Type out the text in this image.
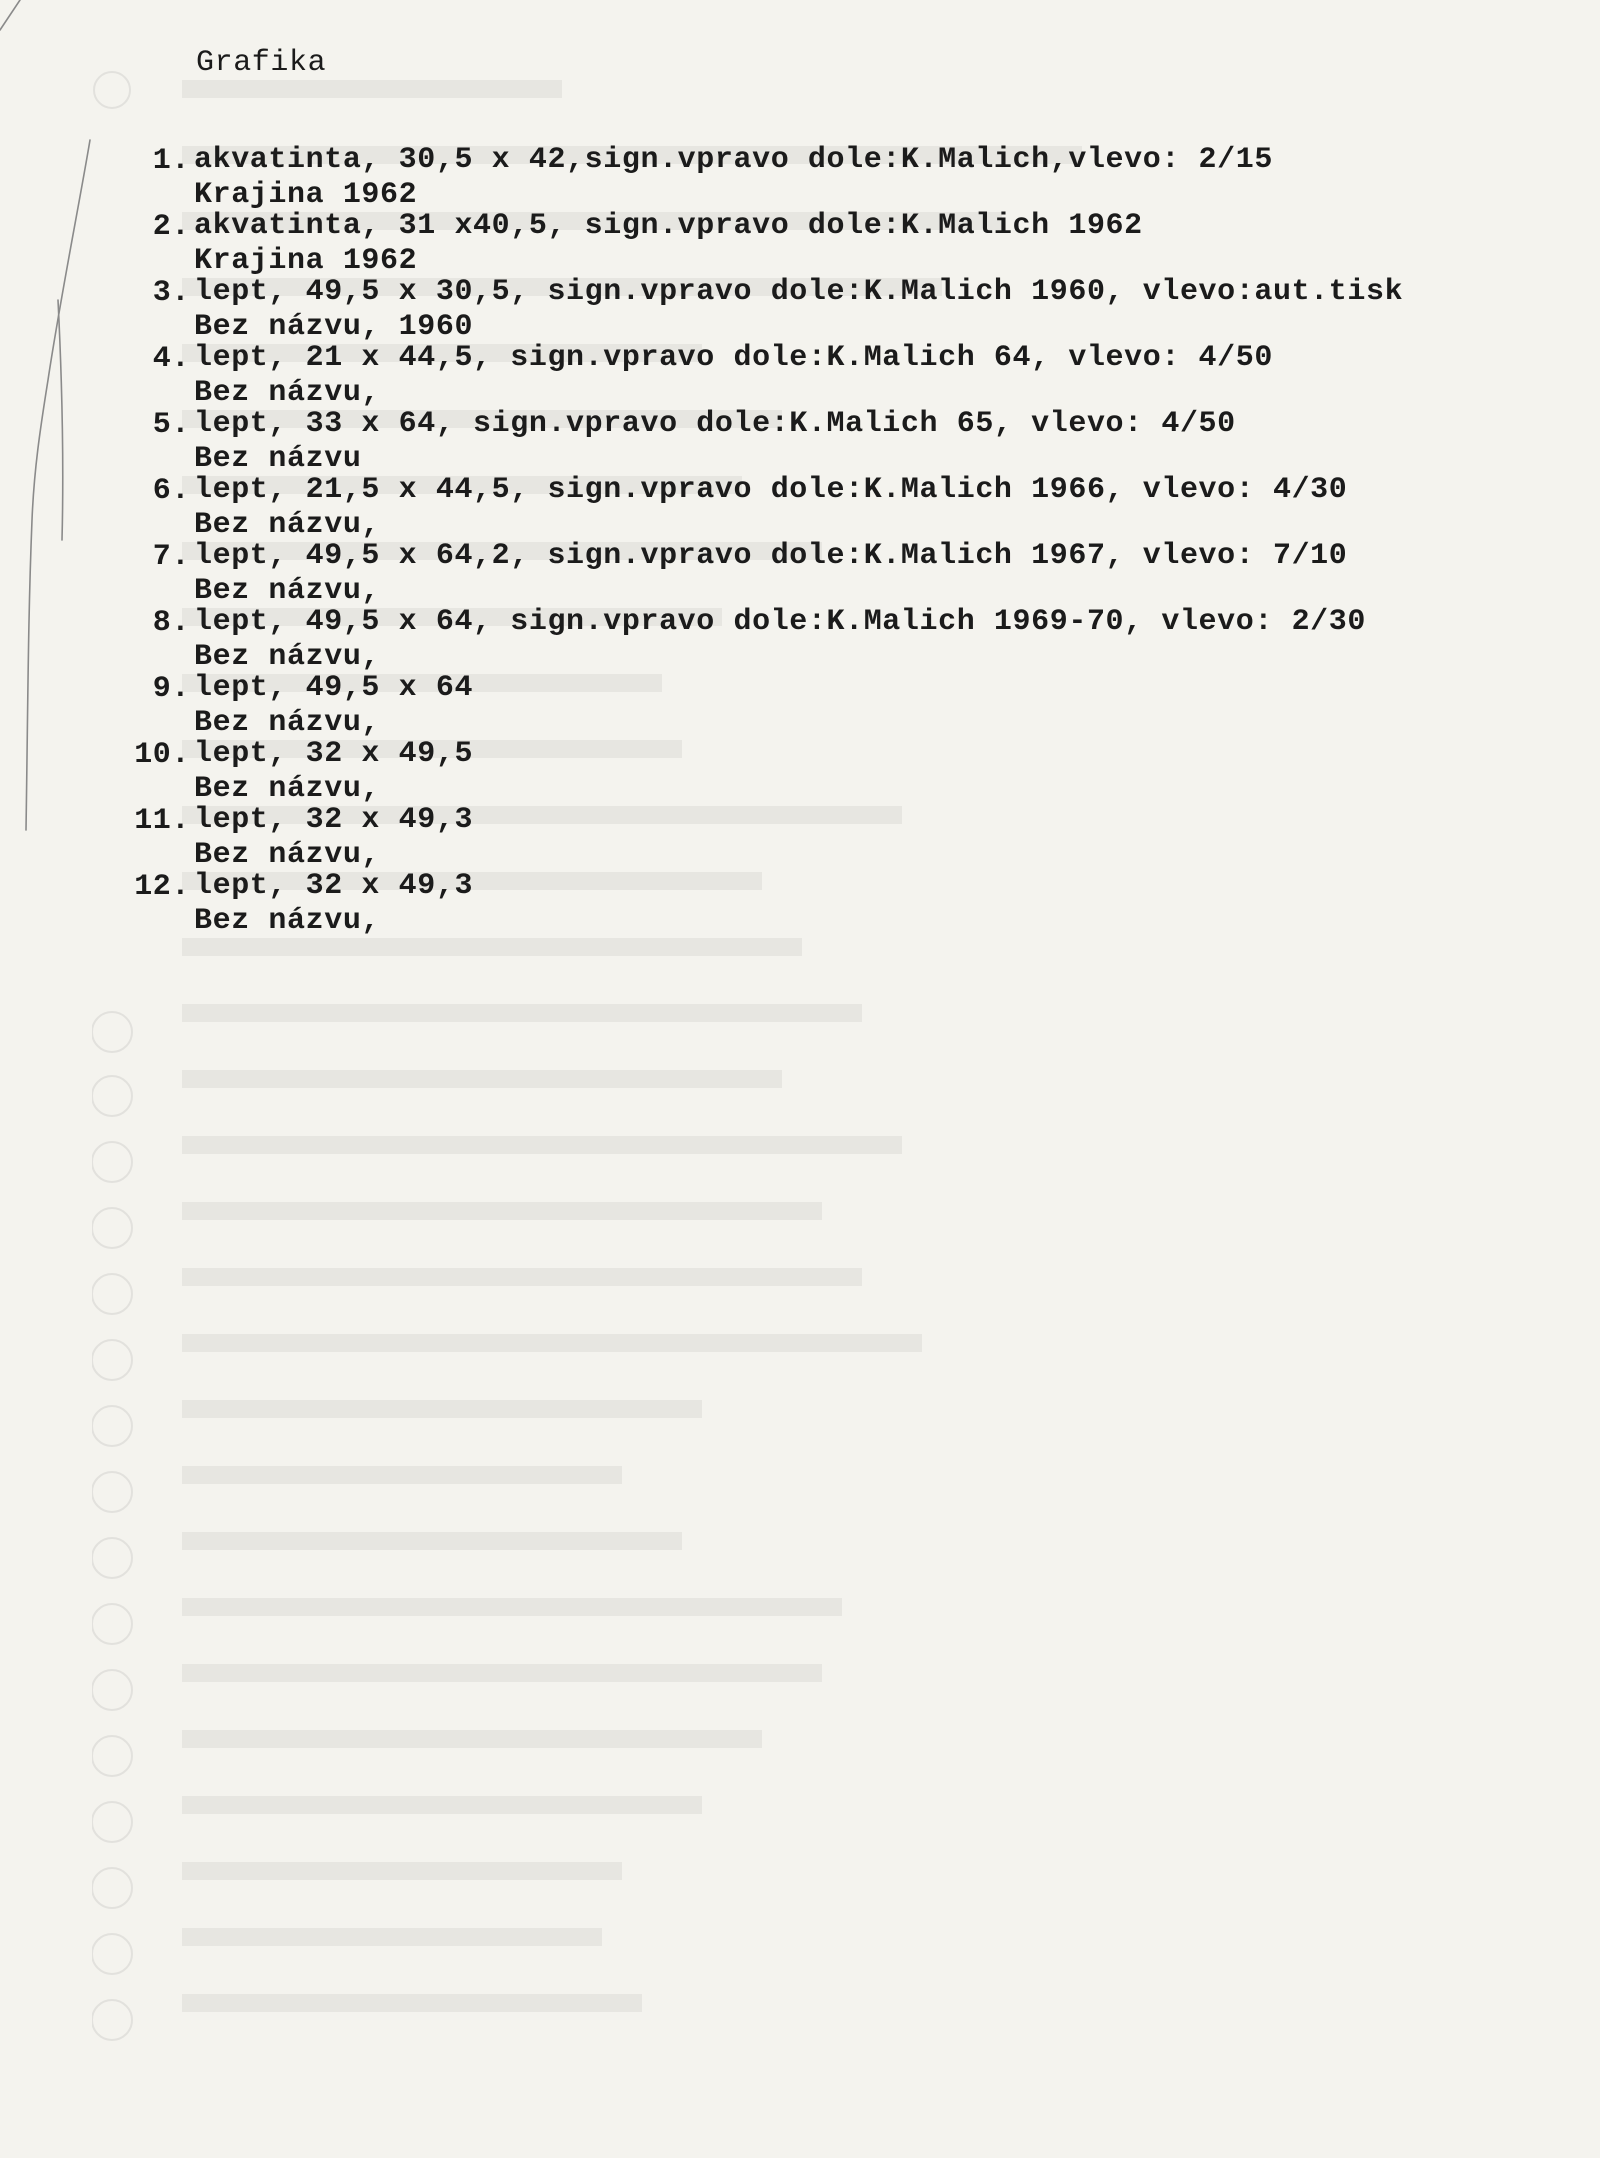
Grafika

1.

Krajina 1962

akvatinta, 30,5 x 42,sign.vpravo dole:K.Malich,vlevo: 2/15

2.

Krajina 1962

akvatinta, 31 x40,5, sign.vpravo dole:K.Malich 1962

3.

Bez názvu, 1960

lept, 49,5 x 30,5, sign.vpravo dole:K.Malich 1960, vlevo:aut.tisk

4.

Bez názvu,

lept, 21 x 44,5, sign.vpravo dole:K.Malich 64, vlevo: 4/50

5.

Bez názvu

lept, 33 x 64, sign.vpravo dole:K.Malich 65, vlevo: 4/50

6.

Bez názvu,

lept, 21,5 x 44,5, sign.vpravo dole:K.Malich 1966, vlevo: 4/30

7.

Bez názvu,

lept, 49,5 x 64,2, sign.vpravo dole:K.Malich 1967, vlevo: 7/10

8.

Bez názvu,

lept, 49,5 x 64, sign.vpravo dole:K.Malich 1969-70, vlevo: 2/30

9.

Bez názvu,

lept, 49,5 x 64

10.

Bez názvu,

lept, 32 x 49,5

11.

Bez názvu,

lept, 32 x 49,3

12.

Bez názvu,

lept, 32 x 49,3
